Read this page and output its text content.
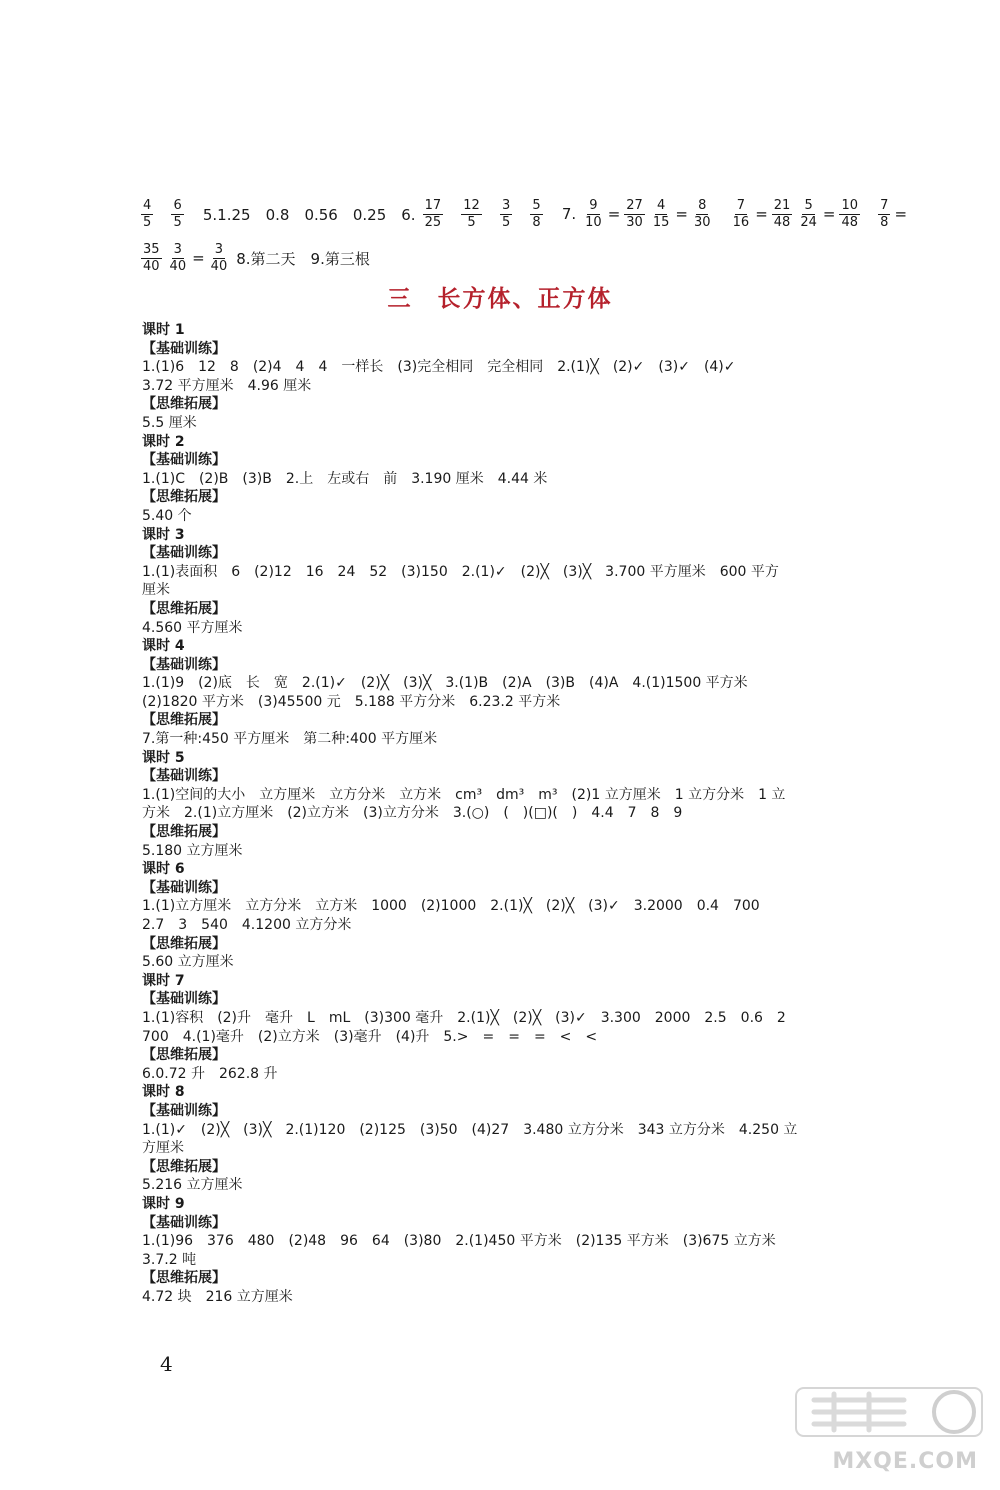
$\frac{4}{5} \frac{6}{5} 5.1.25$　0.8　0.56　0.25　6. $\frac{17}{25} \frac{12}{5} \frac{3}{5} \frac{5}{8} 7$. $\frac{9}{10} = \frac{27}{30} \frac{4}{15} = \frac{8}{30} \frac{7}{16} = \frac{21}{48} \frac{5}{24} = \frac{10}{48} \frac{7}{8}$ =
$\frac{35}{40} \frac{3}{40} = \frac{3}{40} 8$.第二天　9.第三根
三　长方体、正方体
课时 1
【基础训练】
1.(1)6　12　8　(2)4　4　4　一样长　(3)完全相同　完全相同　2.(1)╳　(2)✓　(3)✓　(4)✓
3.72 平方厘米　4.96 厘米
【思维拓展】
5.5 厘米
课时 2
【基础训练】
1.(1)C　(2)B　(3)B　2.上　左或右　前　3.190 厘米　4.44 米
【思维拓展】
5.40 个
课时 3
【基础训练】
1.(1)表面积　6　(2)12　16　24　52　(3)150　2.(1)✓　(2)╳　(3)╳　3.700 平方厘米　600 平方
厘米
【思维拓展】
4.560 平方厘米
课时 4
【基础训练】
1.(1)9　(2)底　长　宽　2.(1)✓　(2)╳　(3)╳　3.(1)B　(2)A　(3)B　(4)A　4.(1)1500 平方米
(2)1820 平方米　(3)45500 元　5.188 平方分米　6.23.2 平方米
【思维拓展】
7.第一种:450 平方厘米　第二种:400 平方厘米
课时 5
【基础训练】
1.(1)空间的大小　立方厘米　立方分米　立方米　cm³　dm³　m³　(2)1 立方厘米　1 立方分米　1 立
方米　2.(1)立方厘米　(2)立方米　(3)立方分米　3.(○)　(　)(□)(　)　4.4　7　8　9
【思维拓展】
5.180 立方厘米
课时 6
【基础训练】
1.(1)立方厘米　立方分米　立方米　1000　(2)1000　2.(1)╳　(2)╳　(3)✓　3.2000　0.4　700
2.7　3　540　4.1200 立方分米
【思维拓展】
5.60 立方厘米
课时 7
【基础训练】
1.(1)容积　(2)升　毫升　L　mL　(3)300 毫升　2.(1)╳　(2)╳　(3)✓　3.300　2000　2.5　0.6　2
700　4.(1)毫升　(2)立方米　(3)毫升　(4)升　5.>　=　=　=　<　<
【思维拓展】
6.0.72 升　262.8 升
课时 8
【基础训练】
1.(1)✓　(2)╳　(3)╳　2.(1)120　(2)125　(3)50　(4)27　3.480 立方分米　343 立方分米　4.250 立
方厘米
【思维拓展】
5.216 立方厘米
课时 9
【基础训练】
1.(1)96　376　480　(2)48　96　64　(3)80　2.(1)450 平方米　(2)135 平方米　(3)675 立方米
3.7.2 吨
【思维拓展】
4.72 块　216 立方厘米
4
MXQE.COM
